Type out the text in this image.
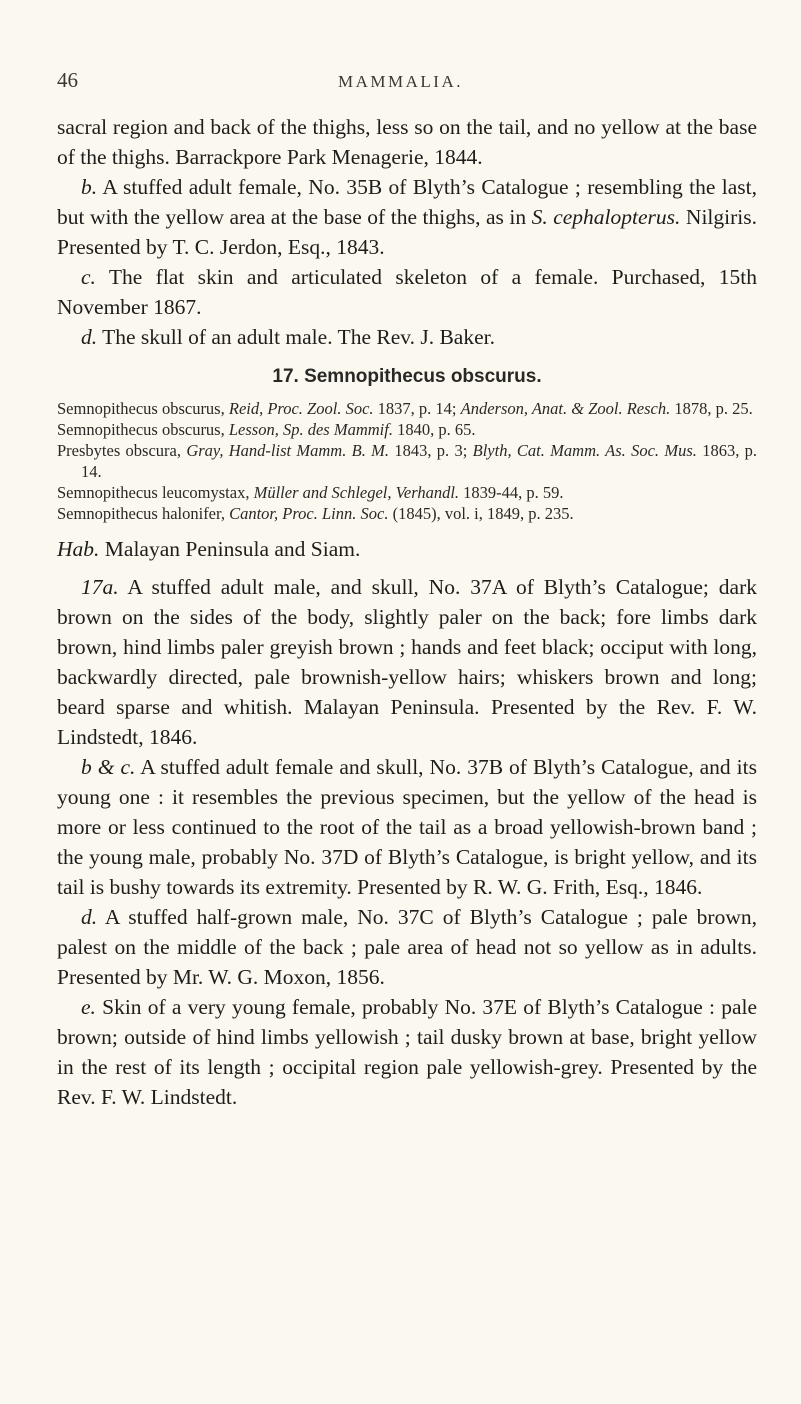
46	MAMMALIA.

sacral region and back of the thighs, less so on the tail, and no yellow at the base of the thighs. Barrackpore Park Menagerie, 1844.

b. A stuffed adult female, No. 35B of Blyth’s Catalogue ; resembling the last, but with the yellow area at the base of the thighs, as in S. cephalopterus. Nilgiris. Presented by T. C. Jerdon, Esq., 1843.

c. The flat skin and articulated skeleton of a female. Purchased, 15th November 1867.

d. The skull of an adult male. The Rev. J. Baker.

17. Semnopithecus obscurus.

Semnopithecus obscurus, Reid, Proc. Zool. Soc. 1837, p. 14; Anderson, Anat. & Zool. Resch. 1878, p. 25.

Semnopithecus obscurus, Lesson, Sp. des Mammif. 1840, p. 65.

Presbytes obscura, Gray, Hand-list Mamm. B. M. 1843, p. 3; Blyth, Cat. Mamm. As. Soc. Mus. 1863, p. 14.

Semnopithecus leucomystax, Müller and Schlegel, Verhandl. 1839-44, p. 59.

Semnopithecus halonifer, Cantor, Proc. Linn. Soc. (1845), vol. i, 1849, p. 235.

Hab. Malayan Peninsula and Siam.

17a. A stuffed adult male, and skull, No. 37A of Blyth’s Catalogue; dark brown on the sides of the body, slightly paler on the back; fore limbs dark brown, hind limbs paler greyish brown ; hands and feet black; occiput with long, backwardly directed, pale brownish-yellow hairs; whiskers brown and long; beard sparse and whitish. Malayan Peninsula. Presented by the Rev. F. W. Lindstedt, 1846.

b & c. A stuffed adult female and skull, No. 37B of Blyth’s Catalogue, and its young one : it resembles the previous specimen, but the yellow of the head is more or less continued to the root of the tail as a broad yellowish-brown band ; the young male, probably No. 37D of Blyth’s Catalogue, is bright yellow, and its tail is bushy towards its extremity. Presented by R. W. G. Frith, Esq., 1846.

d. A stuffed half-grown male, No. 37C of Blyth’s Catalogue ; pale brown, palest on the middle of the back ; pale area of head not so yellow as in adults. Presented by Mr. W. G. Moxon, 1856.

e. Skin of a very young female, probably No. 37E of Blyth’s Catalogue : pale brown; outside of hind limbs yellowish ; tail dusky brown at base, bright yellow in the rest of its length ; occipital region pale yellowish-grey. Presented by the Rev. F. W. Lindstedt.
